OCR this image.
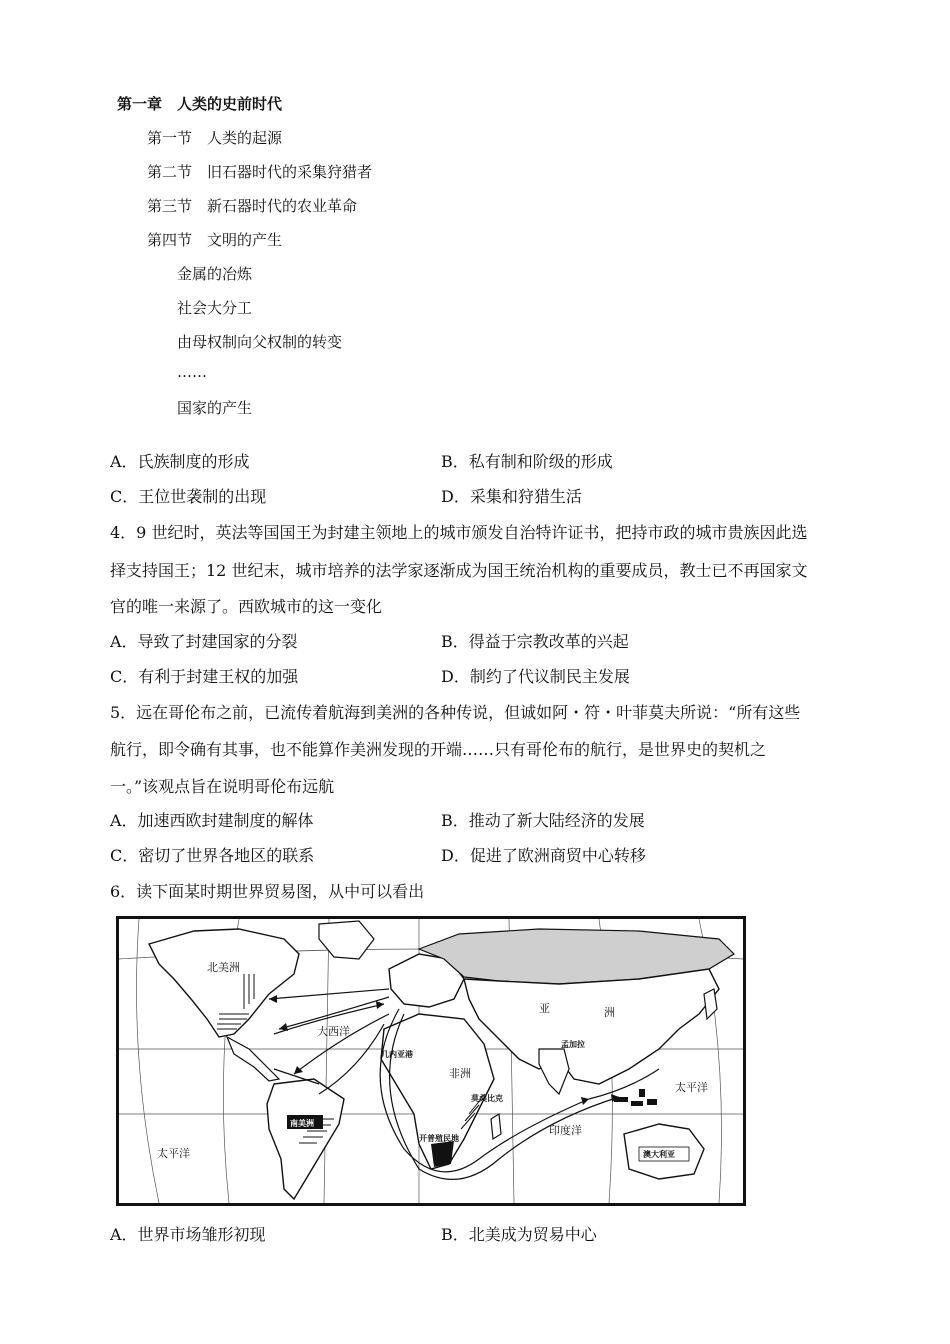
第一章　人类的史前时代
第一节　人类的起源
第二节　旧石器时代的采集狩猎者
第三节　新石器时代的农业革命
第四节　文明的产生
金属的冶炼
社会大分工
由母权制向父权制的转变
……
国家的产生
A．氏族制度的形成	B．私有制和阶级的形成
C．王位世袭制的出现	D．采集和狩猎生活
4．9 世纪时，英法等国国王为封建主领地上的城市颁发自治特许证书，把持市政的城市贵族因此选
择支持国王；12 世纪末，城市培养的法学家逐渐成为国王统治机构的重要成员，教士已不再国家文
官的唯一来源了。西欧城市的这一变化
A．导致了封建国家的分裂	B．得益于宗教改革的兴起
C．有利于封建王权的加强	D．制约了代议制民主发展
5．远在哥伦布之前，已流传着航海到美洲的各种传说，但诚如阿・符・叶菲莫夫所说：“所有这些
航行，即令确有其事，也不能算作美洲发现的开端……只有哥伦布的航行，是世界史的契机之
一。”该观点旨在说明哥伦布远航
A．加速西欧封建制度的解体	B．推动了新大陆经济的发展
C．密切了世界各地区的联系	D．促进了欧洲商贸中心转移
6．读下面某时期世界贸易图，从中可以看出
北美洲
大西洋
南美洲
太平洋
太平洋
非洲
几内亚港
亚	洲
孟加拉
印度洋
澳大利亚
莫桑比克
开普殖民地
A．世界市场雏形初现	B．北美成为贸易中心
